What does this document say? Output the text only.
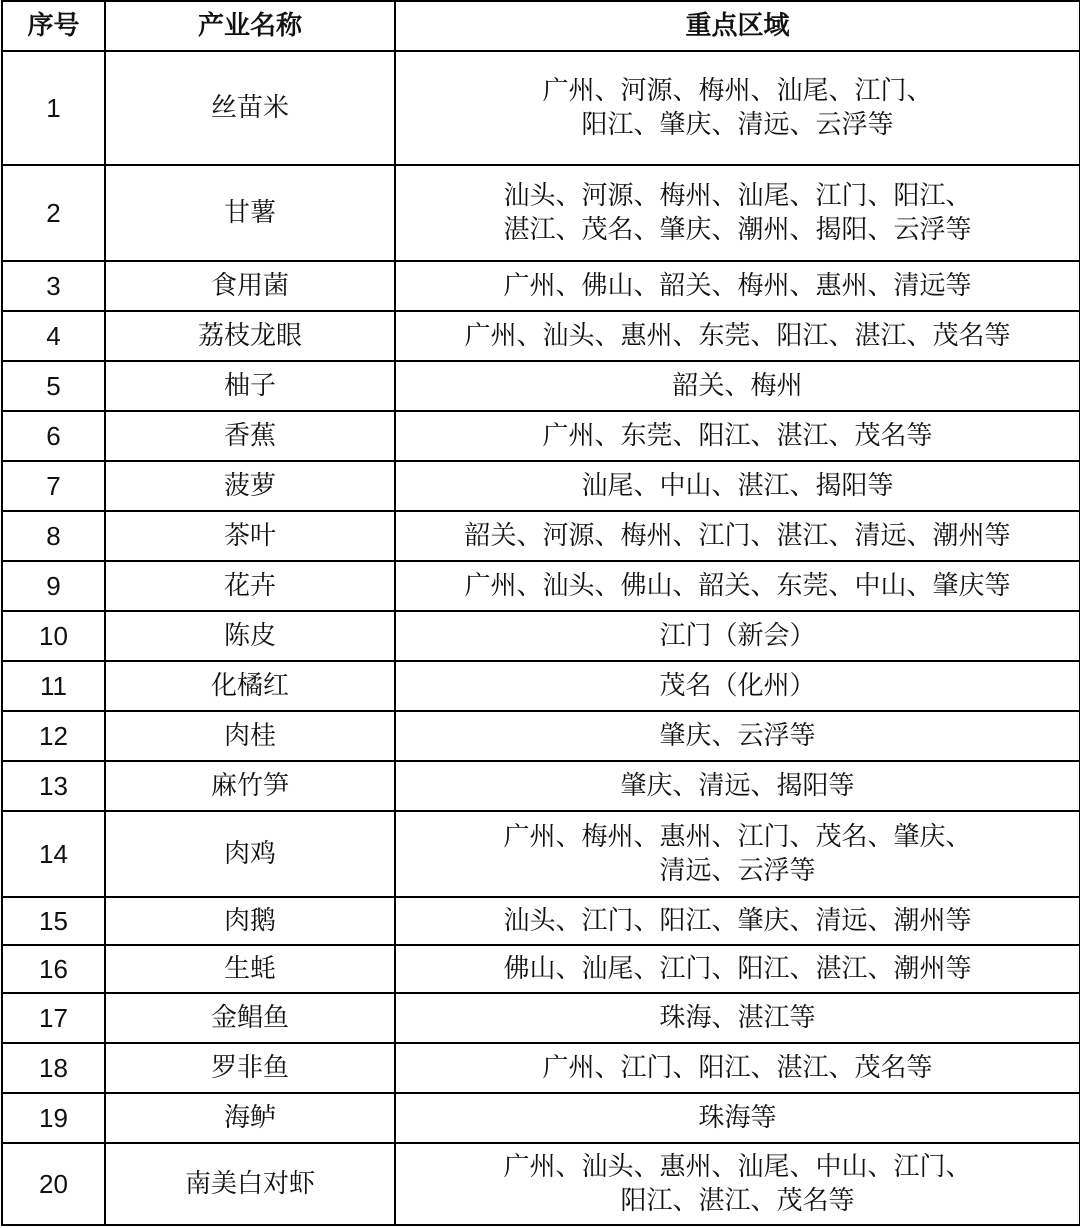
序号	产业名称	重点区域
1	丝苗米	广州、河源、梅州、汕尾、江门、
阳江、肇庆、清远、云浮等

2	甘薯	汕头、河源、梅州、汕尾、江门、阳江、
湛江、茂名、肇庆、潮州、揭阳、云浮等

3	食用菌	广州、佛山、韶关、梅州、惠州、清远等

4	荔枝龙眼	广州、汕头、惠州、东莞、阳江、湛江、茂名等

5	柚子	韶关、梅州

6	香蕉	广州、东莞、阳江、湛江、茂名等

7	菠萝	汕尾、中山、湛江、揭阳等

8	茶叶	韶关、河源、梅州、江门、湛江、清远、潮州等

9	花卉	广州、汕头、佛山、韶关、东莞、中山、肇庆等

10	陈皮	江门（新会）

11	化橘红	茂名（化州）

12	肉桂	肇庆、云浮等

13	麻竹笋	肇庆、清远、揭阳等

14	肉鸡	广州、梅州、惠州、江门、茂名、肇庆、
清远、云浮等

15	肉鹅	汕头、江门、阳江、肇庆、清远、潮州等

16	生蚝	佛山、汕尾、江门、阳江、湛江、潮州等

17	金鲳鱼	珠海、湛江等

18	罗非鱼	广州、江门、阳江、湛江、茂名等

19	海鲈	珠海等

20	南美白对虾	广州、汕头、惠州、汕尾、中山、江门、
阳江、湛江、茂名等
